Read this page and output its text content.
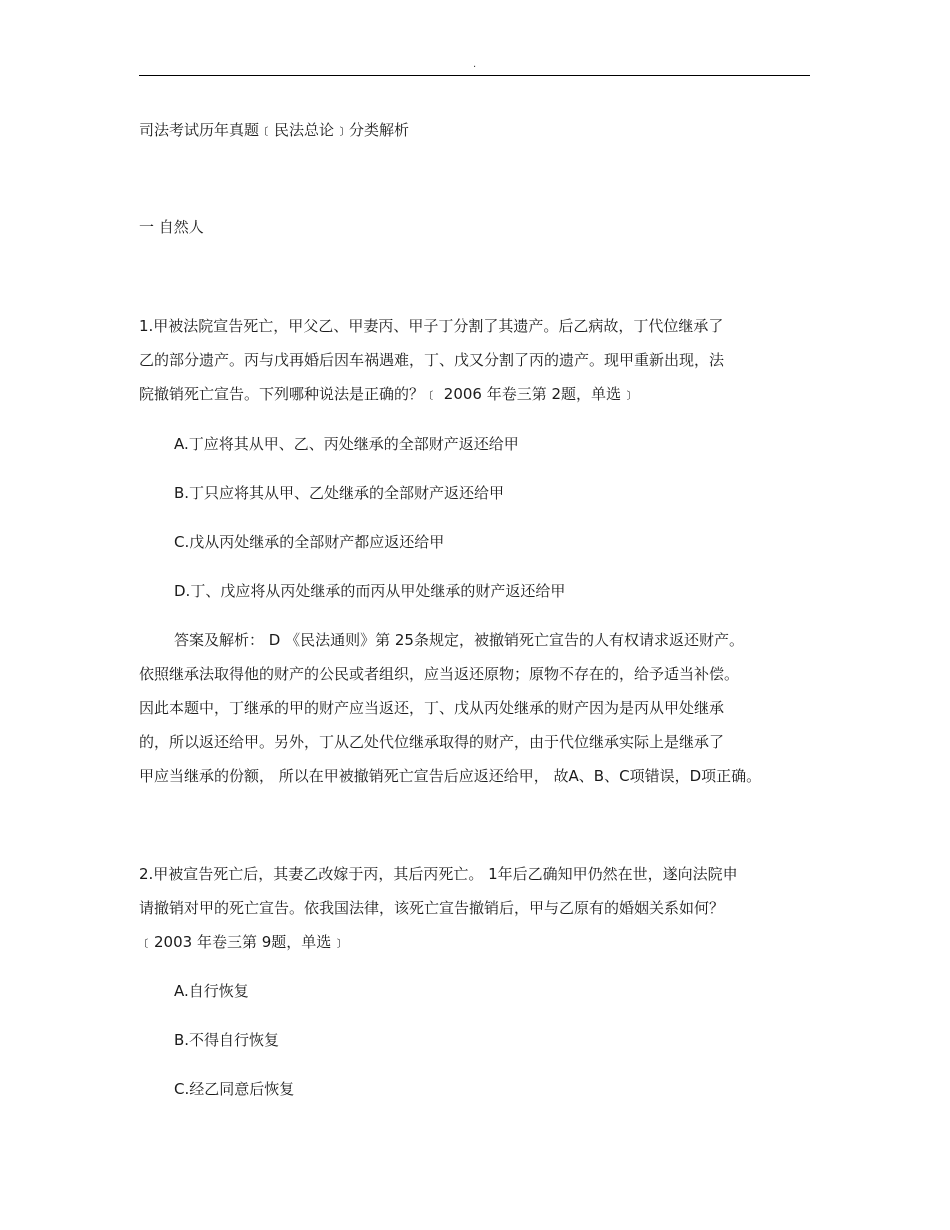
.
司法考试历年真题﹝民法总论﹞分类解析
一 自然人
1.甲被法院宣告死亡，甲父乙、甲妻丙、甲子丁分割了其遗产。后乙病故，丁代位继承了
乙的部分遗产。丙与戊再婚后因车祸遇难，丁、戊又分割了丙的遗产。现甲重新出现，法
院撤销死亡宣告。下列哪种说法是正确的？﹝ 2006 年卷三第 2题，单选﹞
A.丁应将其从甲、乙、丙处继承的全部财产返还给甲
B.丁只应将其从甲、乙处继承的全部财产返还给甲
C.戊从丙处继承的全部财产都应返还给甲
D.丁、戊应将从丙处继承的而丙从甲处继承的财产返还给甲
答案及解析： D 《民法通则》第 25条规定，被撤销死亡宣告的人有权请求返还财产。
依照继承法取得他的财产的公民或者组织，应当返还原物；原物不存在的，给予适当补偿。
因此本题中，丁继承的甲的财产应当返还，丁、戊从丙处继承的财产因为是丙从甲处继承
的，所以返还给甲。另外，丁从乙处代位继承取得的财产，由于代位继承实际上是继承了
甲应当继承的份额， 所以在甲被撤销死亡宣告后应返还给甲， 故A、B、C项错误，D项正确。
2.甲被宣告死亡后，其妻乙改嫁于丙，其后丙死亡。 1年后乙确知甲仍然在世，遂向法院申
请撤销对甲的死亡宣告。依我国法律，该死亡宣告撤销后，甲与乙原有的婚姻关系如何？
﹝2003 年卷三第 9题，单选﹞
A.自行恢复
B.不得自行恢复
C.经乙同意后恢复
